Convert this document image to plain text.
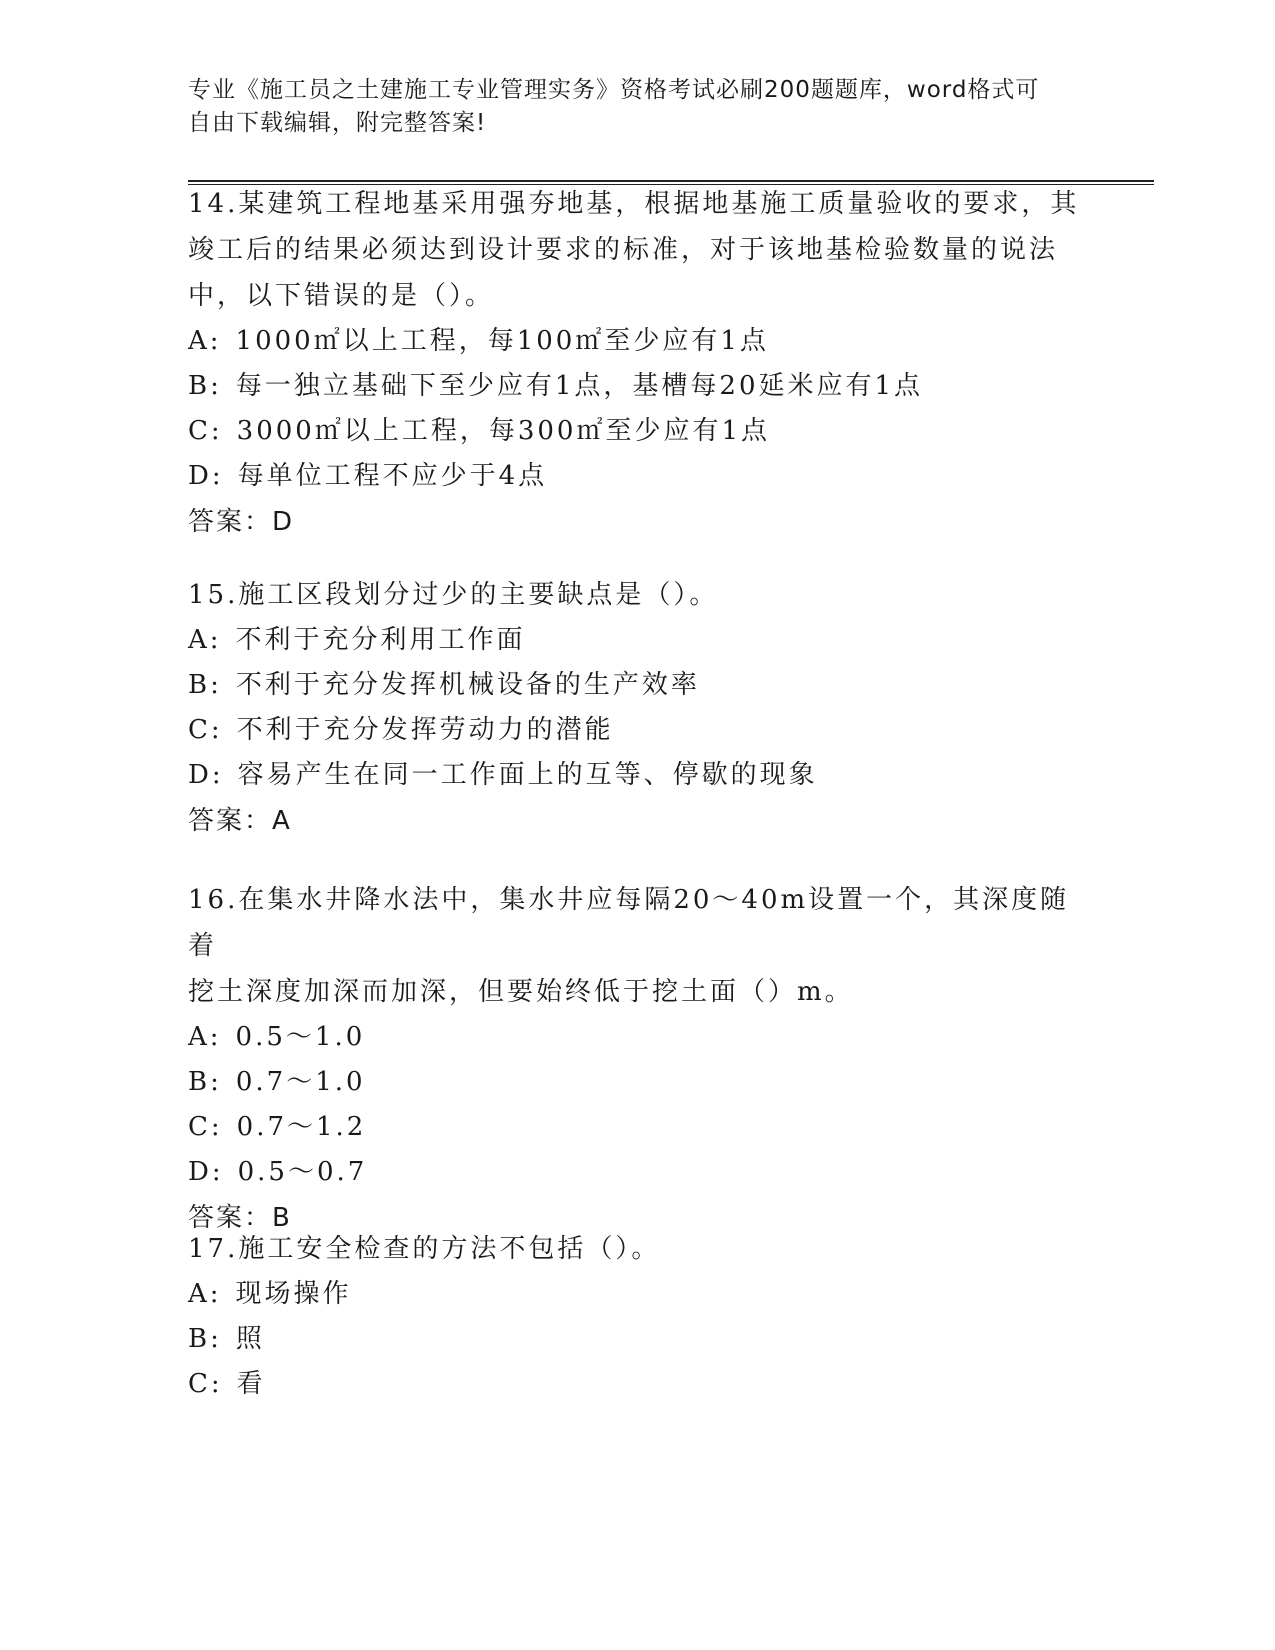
专业《施工员之土建施工专业管理实务》资格考试必刷200题题库，word格式可
自由下载编辑，附完整答案!

14.某建筑工程地基采用强夯地基，根据地基施工质量验收的要求，其

竣工后的结果必须达到设计要求的标准，对于该地基检验数量的说法

中，以下错误的是（）。

A: 1000㎡以上工程，每100㎡至少应有1点

B: 每一独立基础下至少应有1点，基槽每20延米应有1点

C: 3000㎡以上工程，每300㎡至少应有1点

D: 每单位工程不应少于4点

答案：D

15.施工区段划分过少的主要缺点是（）。

A: 不利于充分利用工作面

B: 不利于充分发挥机械设备的生产效率

C: 不利于充分发挥劳动力的潜能

D: 容易产生在同一工作面上的互等、停歇的现象

答案：A

16.在集水井降水法中，集水井应每隔20～40m设置一个，其深度随着

挖土深度加深而加深，但要始终低于挖土面（）m。

A: 0.5～1.0

B: 0.7～1.0

C: 0.7～1.2

D: 0.5～0.7

答案：B

17.施工安全检查的方法不包括（）。

A: 现场操作

B: 照

C: 看
